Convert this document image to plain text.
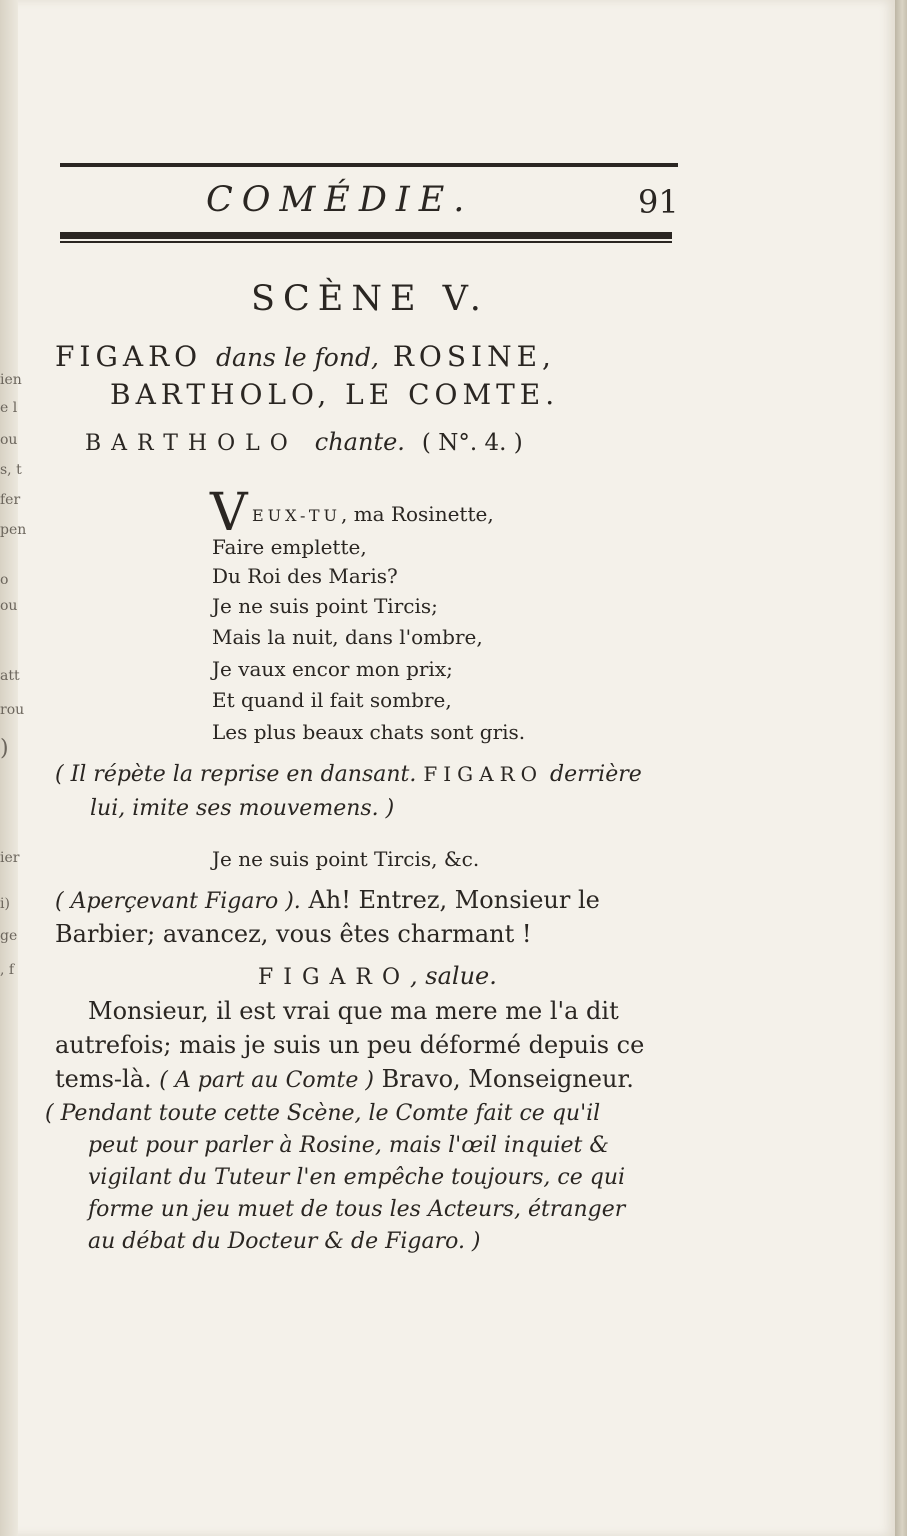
ien
e l
ou
s, t
fer
pen
o
ou
att
rou
)
ier
i)
ge
, f
COMÉDIE.	91
SCÈNE V.
FIGARO dans le fond, ROSINE,
BARTHOLO, LE COMTE.
BARTHOLO chante. ( N°. 4. )
V EUX-TU, ma Rosinette,
Faire emplette,
Du Roi des Maris?
Je ne suis point Tircis;
Mais la nuit, dans l'ombre,
Je vaux encor mon prix;
Et quand il fait sombre,
Les plus beaux chats sont gris.
( Il répète la reprise en dansant. FIGARO derrière
lui, imite ses mouvemens. )
Je ne suis point Tircis, &c.
( Aperçevant Figaro ). Ah! Entrez, Monsieur le
Barbier; avancez, vous êtes charmant !
FIGARO, salue.
Monsieur, il est vrai que ma mere me l'a dit
autrefois; mais je suis un peu déformé depuis ce
tems-là. ( A part au Comte ) Bravo, Monseigneur.
( Pendant toute cette Scène, le Comte fait ce qu'il
peut pour parler à Rosine, mais l'œil inquiet &
vigilant du Tuteur l'en empêche toujours, ce qui
forme un jeu muet de tous les Acteurs, étranger
au débat du Docteur & de Figaro. )
